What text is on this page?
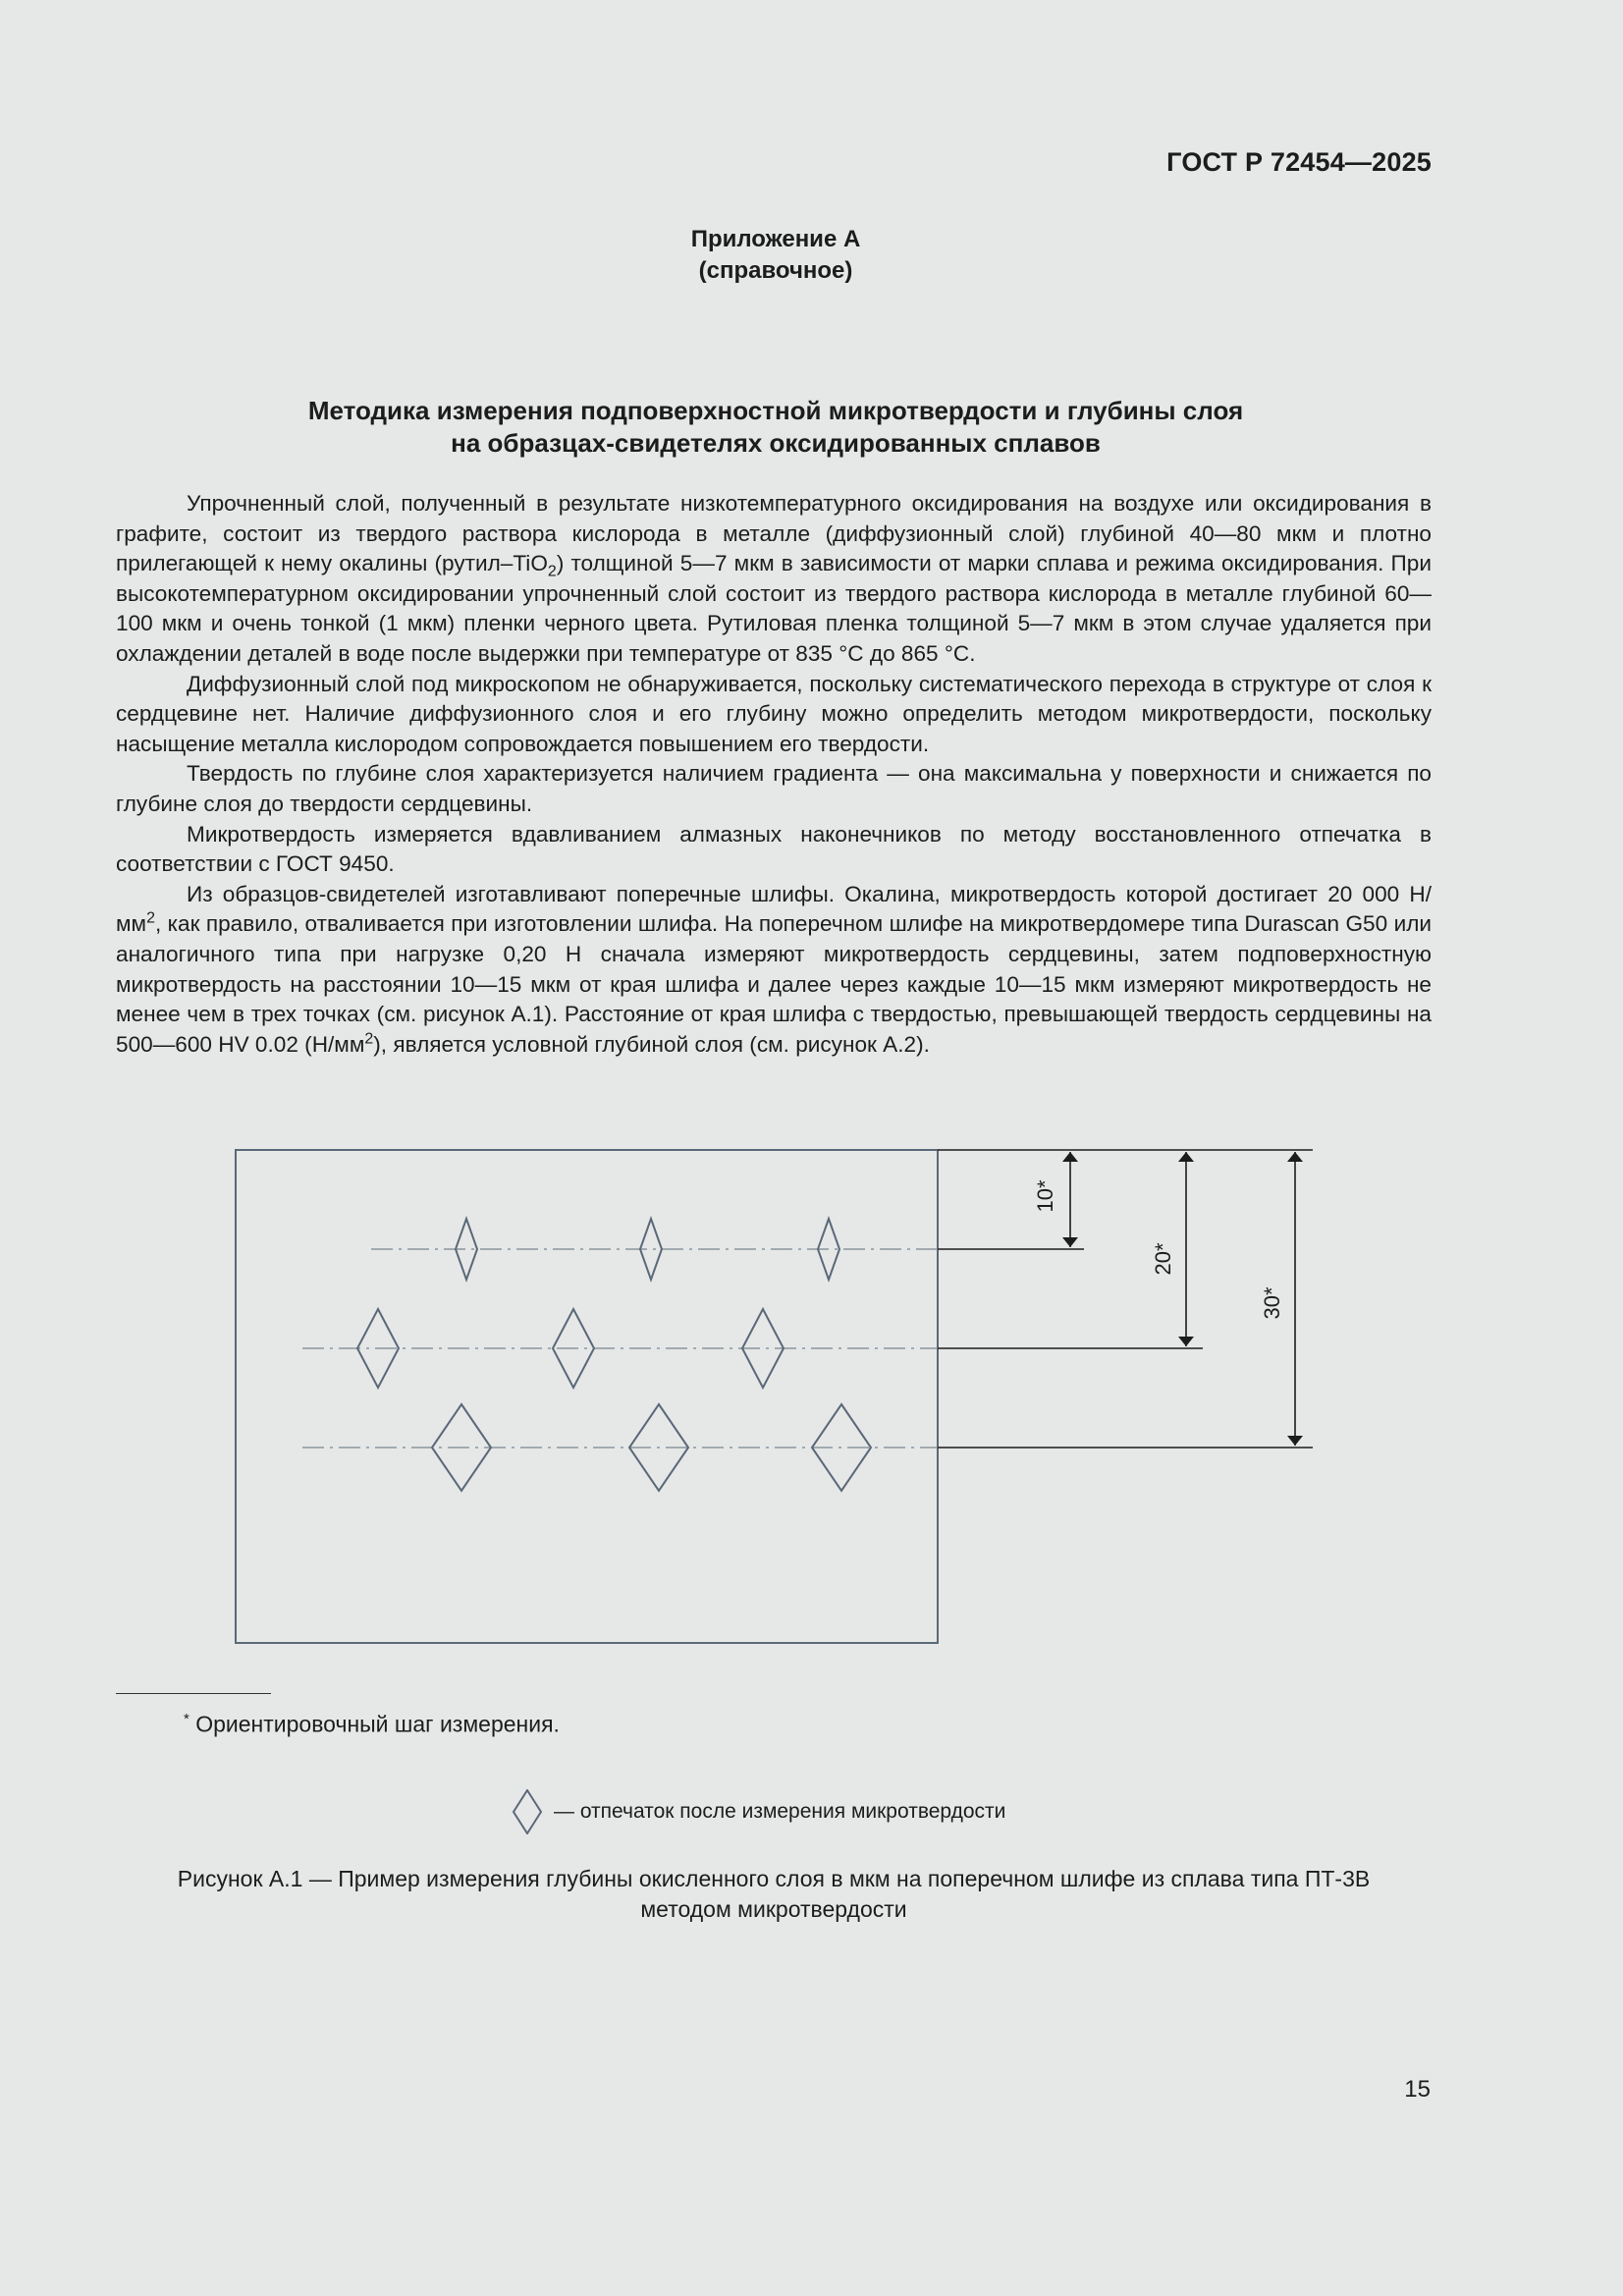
ГОСТ Р 72454—2025
Приложение А
(справочное)
Методика измерения подповерхностной микротвердости и глубины слоя
на образцах-свидетелях оксидированных сплавов

Упрочненный слой, полученный в результате низкотемпературного оксидирования на воздухе или оксидирования в графите, состоит из твердого раствора кислорода в металле (диффузионный слой) глубиной 40—80 мкм и плотно прилегающей к нему окалины (рутил–TiO$_2$) толщиной 5—7 мкм в зависимости от марки сплава и режима оксидирования. При высокотемпературном оксидировании упрочненный слой состоит из твердого раствора кислорода в металле глубиной 60—100 мкм и очень тонкой (1 мкм) пленки черного цвета. Рутиловая пленка толщиной 5—7 мкм в этом случае удаляется при охлаждении деталей в воде после выдержки при температуре от 835 °С до 865 °С.

Диффузионный слой под микроскопом не обнаруживается, поскольку систематического перехода в структуре от слоя к сердцевине нет. Наличие диффузионного слоя и его глубину можно определить методом микротвердости, поскольку насыщение металла кислородом сопровождается повышением его твердости.

Твердость по глубине слоя характеризуется наличием градиента — она максимальна у поверхности и снижается по глубине слоя до твердости сердцевины.

Микротвердость измеряется вдавливанием алмазных наконечников по методу восстановленного отпечатка в соответствии с ГОСТ 9450.

Из образцов-свидетелей изготавливают поперечные шлифы. Окалина, микротвердость которой достигает 20 000 $Н/мм^2$, как правило, отваливается при изготовлении шлифа. На поперечном шлифе на микротвердомере типа Durascan G50 или аналогичного типа при нагрузке 0,20 Н сначала измеряют микротвердость сердцевины, затем подповерхностную микротвердость на расстоянии 10—15 мкм от края шлифа и далее через каждые 10—15 мкм измеряют микротвердость не менее чем в трех точках (см. рисунок А.1). Расстояние от края шлифа с твердостью, превышающей твердость сердцевины на 500—600 HV 0.02 $(Н/мм^2)$, является условной глубиной слоя (см. рисунок А.2).

10*
20*
30*
* Ориентировочный шаг измерения.
— отпечаток после измерения микротвердости
Рисунок А.1 — Пример измерения глубины окисленного слоя в мкм на поперечном шлифе из сплава типа ПТ-3В
методом микротвердости
15
